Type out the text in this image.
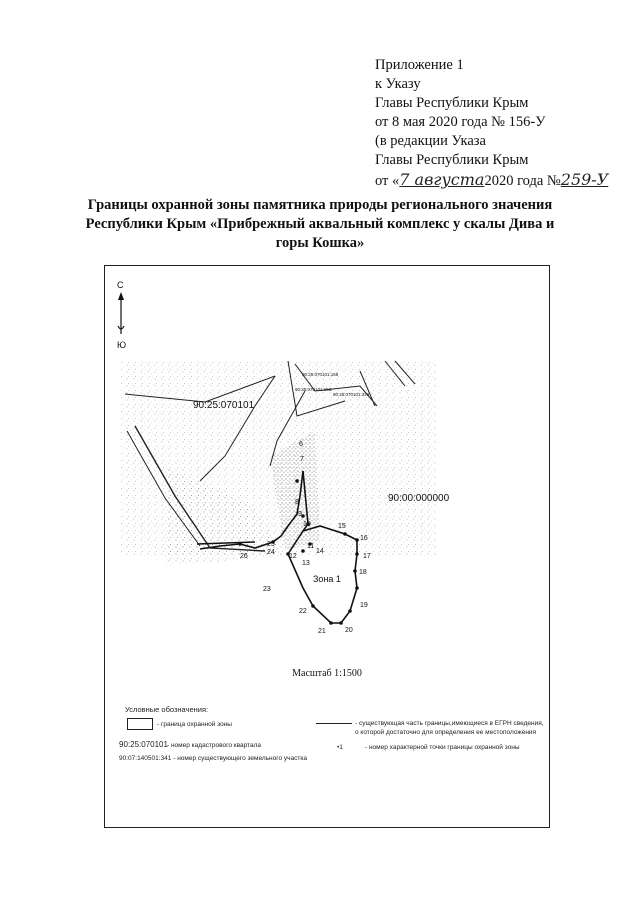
Приложение 1
к Указу
Главы Республики Крым
от 8 мая 2020 года № 156-У
(в редакции Указа
Главы Республики Крым
от «7 августа2020 года №259-У
Границы охранной зоны памятника природы регионального значения
Республики Крым «Прибрежный аквальный комплекс у скалы Дива и
горы Кошка»
6
7
8
9
10
11
12
13
14
15
16
17
18
19
20
21
22
23
24
25
26
С
Ю
90:25:070101
90:00:000000
90:25:070101:159
90:25:070101:163
90:25:070101:329
Зона 1
Масштаб 1:1500
Условные обозначения:
- граница охранной зоны
90:25:070101 - номер кадастрового квартала
90:07:140501:341 - номер существующего земельного участка
- существующая часть границы,имеющиеся в ЕГРН сведения,
о которой достаточно для определения ее местоположения
•1	- номер характерной точки границы охранной зоны
